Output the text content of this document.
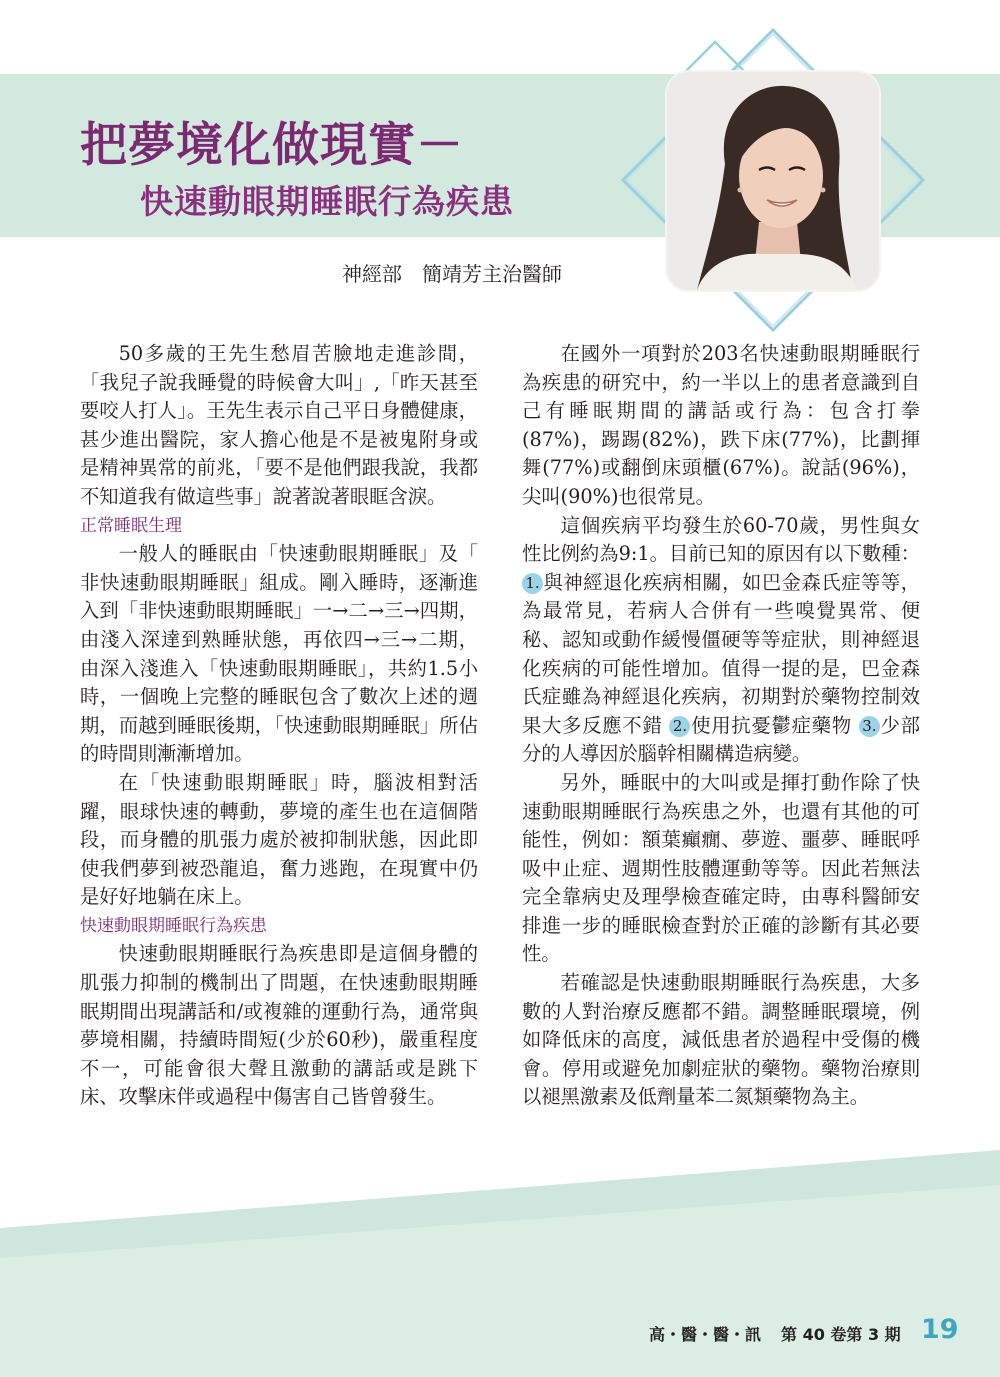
把夢境化做現實－
快速動眼期睡眠行為疾患
神經部　簡靖芳主治醫師

50多歲的王先生愁眉苦臉地走進診間，「我兒子說我睡覺的時候會大叫」,「昨天甚至要咬人打人」。王先生表示自己平日身體健康，甚少進出醫院，家人擔心他是不是被鬼附身或是精神異常的前兆，「要不是他們跟我說，我都不知道我有做這些事」說著說著眼眶含淚。

正常睡眠生理

一般人的睡眠由「快速動眼期睡眠」及「 非快速動眼期睡眠」組成。剛入睡時，逐漸進入到「非快速動眼期睡眠」一→二→三→四期，由淺入深達到熟睡狀態，再依四→三→二期，由深入淺進入「快速動眼期睡眠」，共約1.5小時，一個晚上完整的睡眠包含了數次上述的週期，而越到睡眠後期，「快速動眼期睡眠」所佔的時間則漸漸增加。

在「快速動眼期睡眠」時，腦波相對活躍，眼球快速的轉動，夢境的產生也在這個階段，而身體的肌張力處於被抑制狀態，因此即使我們夢到被恐龍追，奮力逃跑，在現實中仍是好好地躺在床上。

快速動眼期睡眠行為疾患

快速動眼期睡眠行為疾患即是這個身體的肌張力抑制的機制出了問題，在快速動眼期睡眠期間出現講話和/或複雜的運動行為，通常與夢境相關，持續時間短(少於60秒)，嚴重程度不一，可能會很大聲且激動的講話或是跳下床、攻擊床伴或過程中傷害自己皆曾發生。

在國外一項對於203名快速動眼期睡眠行為疾患的研究中，約一半以上的患者意識到自己有睡眠期間的講話或行為：包含打拳(87%)，踢踢(82%)，跌下床(77%)，比劃揮舞(77%)或翻倒床頭櫃(67%)。說話(96%)，尖叫(90%)也很常見。

這個疾病平均發生於60-70歲，男性與女性比例約為9:1。目前已知的原因有以下數種：1. 與神經退化疾病相關，如巴金森氏症等等，為最常見，若病人合併有一些嗅覺異常、便秘、認知或動作緩慢僵硬等等症狀，則神經退化疾病的可能性增加。值得一提的是，巴金森氏症雖為神經退化疾病，初期對於藥物控制效果大多反應不錯 2. 使用抗憂鬱症藥物 3. 少部分的人導因於腦幹相關構造病變。

另外，睡眠中的大叫或是揮打動作除了快速動眼期睡眠行為疾患之外，也還有其他的可能性，例如：額葉癲癇、夢遊、噩夢、睡眠呼吸中止症、週期性肢體運動等等。因此若無法完全靠病史及理學檢查確定時，由專科醫師安排進一步的睡眠檢查對於正確的診斷有其必要性。

若確認是快速動眼期睡眠行為疾患，大多數的人對治療反應都不錯。調整睡眠環境，例如降低床的高度，減低患者於過程中受傷的機會。停用或避免加劇症狀的藥物。藥物治療則以褪黑激素及低劑量苯二氮類藥物為主。

高・醫・醫・訊 第 40 卷第 3 期 19
